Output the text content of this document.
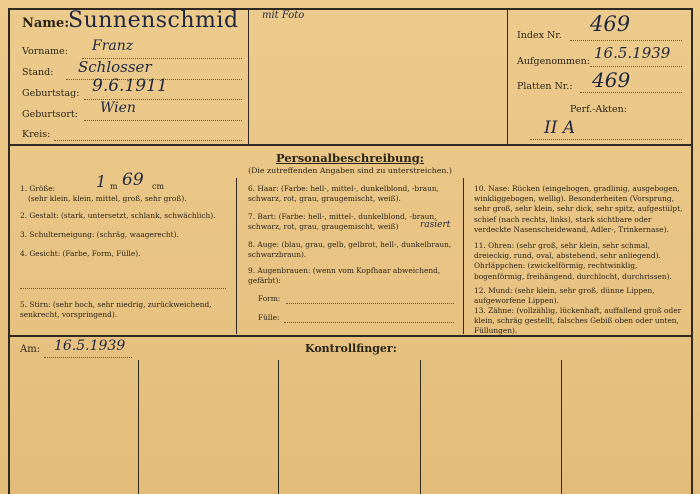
Name:
Sunnenschmid mit Foto
Vorname: Franz
Stand: Schlosser
Geburtstag: 9.6.1911
Geburtsort: Wien
Kreis:
Index Nr. 469
Aufgenommen: 16.5.1939
Platten Nr.: 469
Perf.-Akten:
II A
Personalbeschreibung:
(Die zutreffenden Angaben sind zu unterstreichen.)
1. Größe:	1 m 69 cm
(sehr klein, klein, mittel, groß, sehr groß).
2. Gestalt: (stark, untersetzt, schlank, schwächlich).
3. Schulterneigung: (schräg, waagerecht).
4. Gesicht: (Farbe, Form, Fülle).
5. Stirn: (sehr hoch, sehr niedrig, zurückweichend, senkrecht, vorspringend).
6. Haar: (Farbe: hell-, mittel-, dunkelblond, -braun, schwarz, rot, grau, graugemischt, weiß).
7. Bart: (Farbe: hell-, mittel-, dunkelblond, -braun, schwarz, rot, grau, graugemischt, weiß)	rasiert
8. Auge: (blau, grau, gelb, gelbrot, hell-, dunkelbraun, schwarzbraun).
9. Augenbrauen: (wenn vom Kopfhaar abweichend, gefärbt):
Form:
Fülle:
10. Nase: Rücken (eingebogen, gradlinig, ausgebogen, winkliggebogen, wellig). Besonderheiten (Vorsprung, sehr groß, sehr klein, sehr dick, sehr spitz, aufgestülpt, schief (nach rechts, links), stark sichtbare oder verdeckte Nasenscheidewand, Adler-, Trinkernase).
11. Ohren: (sehr groß, sehr klein, sehr schmal, dreieckig, rund, oval, abstehend, sehr anliegend). Ohrläppchen: (zwickelförmig, rechtwinklig, bogenförmig, freihängend, durchlocht, durchrissen).
12. Mund: (sehr klein, sehr groß, dünne Lippen, aufgeworfene Lippen).
13. Zähne: (vollzählig, lückenhaft, auffallend groß oder klein, schräg gestellt, falsches Gebiß oben oder unten, Füllungen).
Am: 16.5.1939	Kontrollfinger:
